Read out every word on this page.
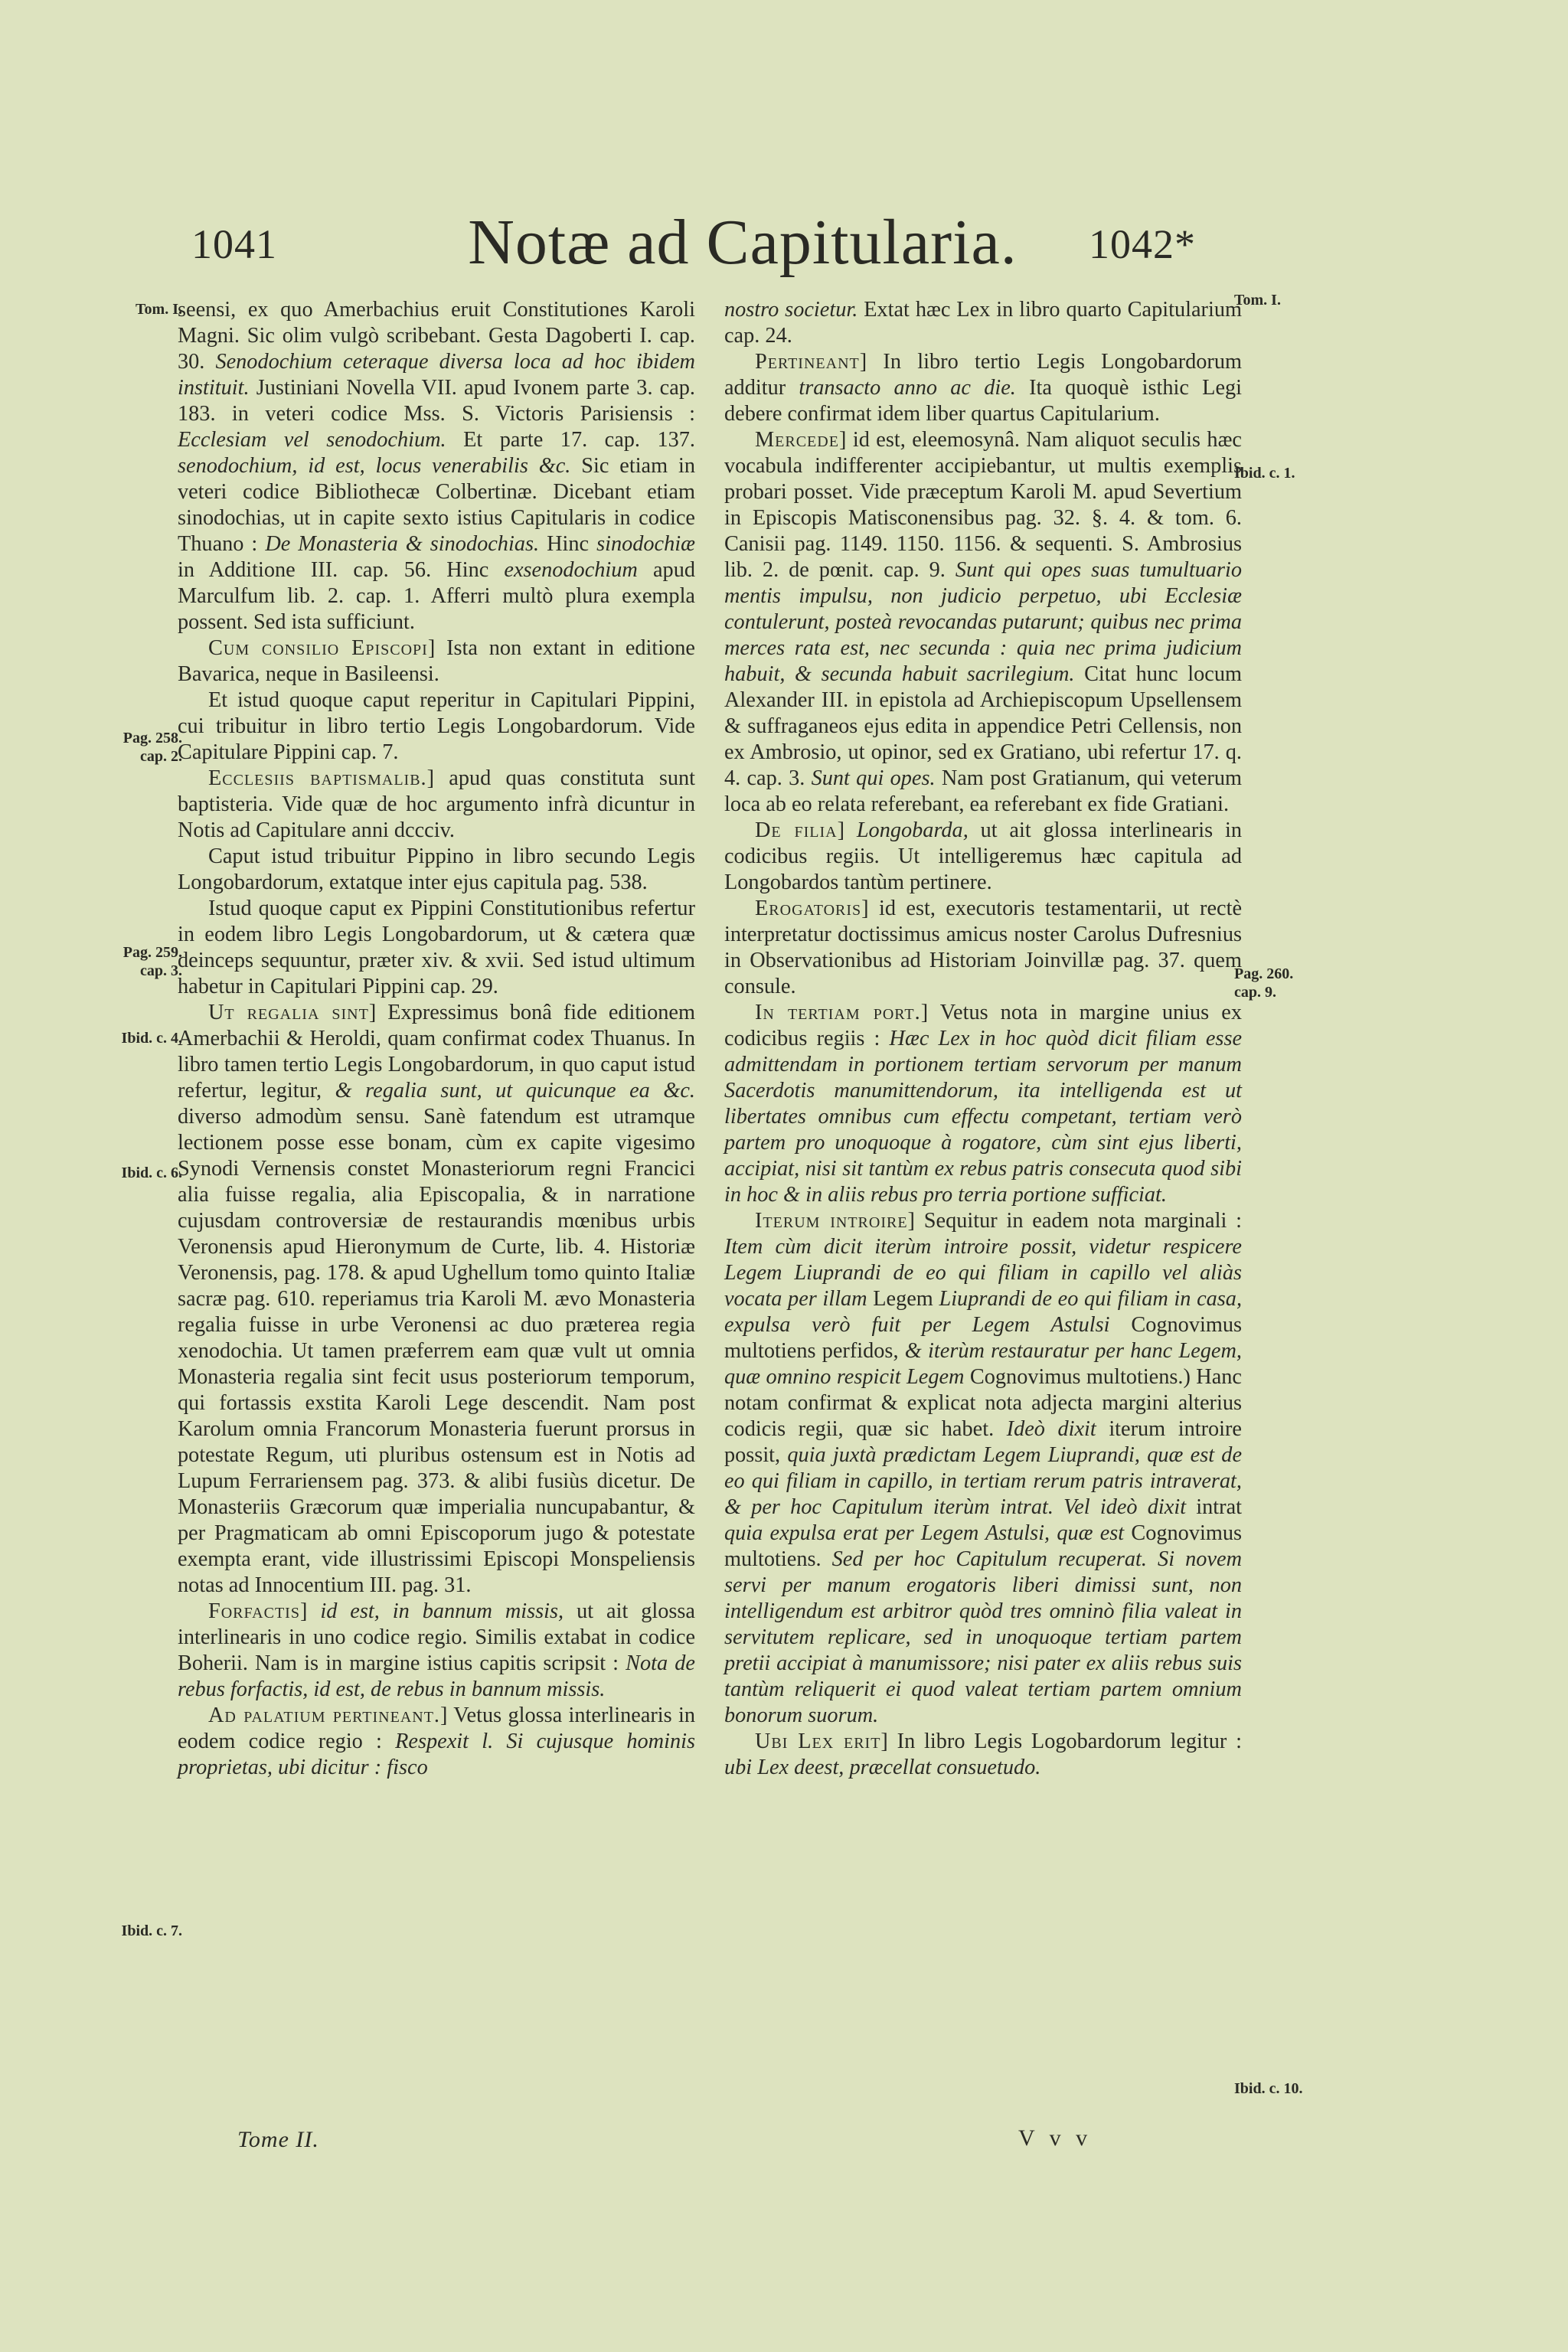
1041	Notæ ad Capitularia.	1042*
Tom. I.
Pag. 258.
cap. 2.
Pag. 259.
cap. 3.
Ibid. c. 4.
Ibid. c. 6.
Ibid. c. 7.
Tom. I.
Ibid. c. 1.
Pag. 260.
cap. 9.
Ibid. c. 10.

seensi, ex quo Amerbachius eruit Constitutiones Karoli Magni. Sic olim vulgò scribebant. Gesta Dagoberti I. cap. 30. Senodochium ceteraque diversa loca ad hoc ibidem instituit. Justiniani Novella VII. apud Ivonem parte 3. cap. 183. in veteri codice Mss. S. Victoris Parisiensis : Ecclesiam vel senodochium. Et parte 17. cap. 137. senodochium, id est, locus venerabilis &c. Sic etiam in veteri codice Bibliothecæ Colbertinæ. Dicebant etiam sinodochias, ut in capite sexto istius Capitularis in codice Thuano : De Monasteria & sinodochias. Hinc sinodochiæ in Additione III. cap. 56. Hinc exsenodochium apud Marculfum lib. 2. cap. 1. Afferri multò plura exempla possent. Sed ista sufficiunt.

Cum consilio Episcopi] Ista non extant in editione Bavarica, neque in Basileensi.

Et istud quoque caput reperitur in Capitulari Pippini, cui tribuitur in libro tertio Legis Longobardorum. Vide Capitulare Pippini cap. 7.

Ecclesiis baptismalib.] apud quas constituta sunt baptisteria. Vide quæ de hoc argumento infrà dicuntur in Notis ad Capitulare anni dccciv.

Caput istud tribuitur Pippino in libro secundo Legis Longobardorum, extatque inter ejus capitula pag. 538.

Istud quoque caput ex Pippini Constitutionibus refertur in eodem libro Legis Longobardorum, ut & cætera quæ deinceps sequuntur, præter xiv. & xvii. Sed istud ultimum habetur in Capitulari Pippini cap. 29.

Ut regalia sint] Expressimus bonâ fide editionem Amerbachii & Heroldi, quam confirmat codex Thuanus. In libro tamen tertio Legis Longobardorum, in quo caput istud refertur, legitur, & regalia sunt, ut quicunque ea &c. diverso admodùm sensu. Sanè fatendum est utramque lectionem posse esse bonam, cùm ex capite vigesimo Synodi Vernensis constet Monasteriorum regni Francici alia fuisse regalia, alia Episcopalia, & in narratione cujusdam controversiæ de restaurandis mœnibus urbis Veronensis apud Hieronymum de Curte, lib. 4. Historiæ Veronensis, pag. 178. & apud Ughellum tomo quinto Italiæ sacræ pag. 610. reperiamus tria Karoli M. ævo Monasteria regalia fuisse in urbe Veronensi ac duo præterea regia xenodochia. Ut tamen præferrem eam quæ vult ut omnia Monasteria regalia sint fecit usus posteriorum temporum, qui fortassis exstita Karoli Lege descendit. Nam post Karolum omnia Francorum Monasteria fuerunt prorsus in potestate Regum, uti pluribus ostensum est in Notis ad Lupum Ferrariensem pag. 373. & alibi fusiùs dicetur. De Monasteriis Græcorum quæ imperialia nuncupabantur, & per Pragmaticam ab omni Episcoporum jugo & potestate exempta erant, vide illustrissimi Episcopi Monspeliensis notas ad Innocentium III. pag. 31.

Forfactis] id est, in bannum missis, ut ait glossa interlinearis in uno codice regio. Similis extabat in codice Boherii. Nam is in margine istius capitis scripsit : Nota de rebus forfactis, id est, de rebus in bannum missis.

Ad palatium pertineant.] Vetus glossa interlinearis in eodem codice regio : Respexit l. Si cujusque hominis proprietas, ubi dicitur : fisco

Tome II.

nostro societur. Extat hæc Lex in libro quarto Capitularium cap. 24.

Pertineant] In libro tertio Legis Longobardorum additur transacto anno ac die. Ita quoquè isthic Legi debere confirmat idem liber quartus Capitularium.

Mercede] id est, eleemosynâ. Nam aliquot seculis hæc vocabula indifferenter accipiebantur, ut multis exemplis probari posset. Vide præceptum Karoli M. apud Severtium in Episcopis Matisconensibus pag. 32. §. 4. & tom. 6. Canisii pag. 1149. 1150. 1156. & sequenti. S. Ambrosius lib. 2. de pœnit. cap. 9. Sunt qui opes suas tumultuario mentis impulsu, non judicio perpetuo, ubi Ecclesiæ contulerunt, posteà revocandas putarunt; quibus nec prima merces rata est, nec secunda : quia nec prima judicium habuit, & secunda habuit sacrilegium. Citat hunc locum Alexander III. in epistola ad Archiepiscopum Upsellensem & suffraganeos ejus edita in appendice Petri Cellensis, non ex Ambrosio, ut opinor, sed ex Gratiano, ubi refertur 17. q. 4. cap. 3. Sunt qui opes. Nam post Gratianum, qui veterum loca ab eo relata referebant, ea referebant ex fide Gratiani.

De filia] Longobarda, ut ait glossa interlinearis in codicibus regiis. Ut intelligeremus hæc capitula ad Longobardos tantùm pertinere.

Erogatoris] id est, executoris testamentarii, ut rectè interpretatur doctissimus amicus noster Carolus Dufresnius in Observationibus ad Historiam Joinvillæ pag. 37. quem consule.

In tertiam port.] Vetus nota in margine unius ex codicibus regiis : Hæc Lex in hoc quòd dicit filiam esse admittendam in portionem tertiam servorum per manum Sacerdotis manumittendorum, ita intelligenda est ut libertates omnibus cum effectu competant, tertiam verò partem pro unoquoque à rogatore, cùm sint ejus liberti, accipiat, nisi sit tantùm ex rebus patris consecuta quod sibi in hoc & in aliis rebus pro terria portione sufficiat.

Iterum introire] Sequitur in eadem nota marginali : Item cùm dicit iterùm introire possit, videtur respicere Legem Liuprandi de eo qui filiam in capillo vel aliàs vocata per illam Legem Liuprandi de eo qui filiam in casa, expulsa verò fuit per Legem Astulsi Cognovimus multotiens perfidos, & iterùm restauratur per hanc Legem, quæ omnino respicit Legem Cognovimus multotiens.) Hanc notam confirmat & explicat nota adjecta margini alterius codicis regii, quæ sic habet. Ideò dixit iterum introire possit, quia juxtà prædictam Legem Liuprandi, quæ est de eo qui filiam in capillo, in tertiam rerum patris intraverat, & per hoc Capitulum iterùm intrat. Vel ideò dixit intrat quia expulsa erat per Legem Astulsi, quæ est Cognovimus multotiens. Sed per hoc Capitulum recuperat. Si novem servi per manum erogatoris liberi dimissi sunt, non intelligendum est arbitror quòd tres omninò filia valeat in servitutem replicare, sed in unoquoque tertiam partem pretii accipiat à manumissore; nisi pater ex aliis rebus suis tantùm reliquerit ei quod valeat tertiam partem omnium bonorum suorum.

Ubi Lex erit] In libro Legis Logobardorum legitur : ubi Lex deest, præcellat consuetudo.

V v v
